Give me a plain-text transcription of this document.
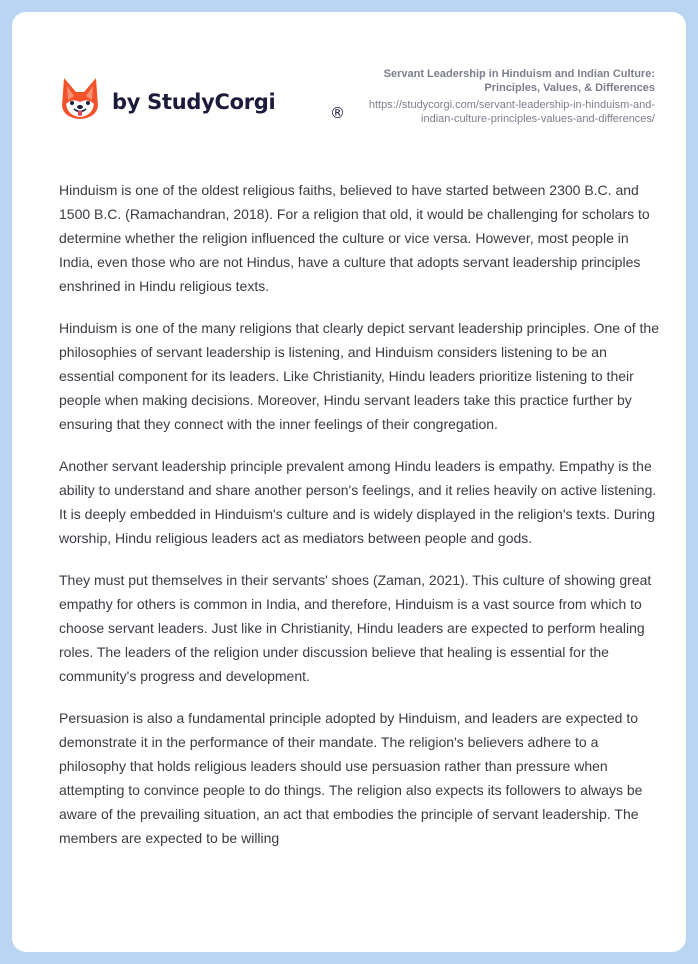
by StudyCorgi	®
Servant Leadership in Hinduism and Indian Culture:
Principles, Values, & Differences
https://studycorgi.com/servant-leadership-in-hinduism-and-
indian-culture-principles-values-and-differences/

Hinduism is one of the oldest religious faiths, believed to have started between 2300 B.C. and 1500 B.C. (Ramachandran, 2018). For a religion that old, it would be challenging for scholars to determine whether the religion influenced the culture or vice versa. However, most people in India, even those who are not Hindus, have a culture that adopts servant leadership principles enshrined in Hindu religious texts.

Hinduism is one of the many religions that clearly depict servant leadership principles. One of the philosophies of servant leadership is listening, and Hinduism considers listening to be an essential component for its leaders. Like Christianity, Hindu leaders prioritize listening to their people when making decisions. Moreover, Hindu servant leaders take this practice further by ensuring that they connect with the inner feelings of their congregation.

Another servant leadership principle prevalent among Hindu leaders is empathy. Empathy is the ability to understand and share another person's feelings, and it relies heavily on active listening. It is deeply embedded in Hinduism's culture and is widely displayed in the religion's texts. During worship, Hindu religious leaders act as mediators between people and gods.

They must put themselves in their servants' shoes (Zaman, 2021). This culture of showing great empathy for others is common in India, and therefore, Hinduism is a vast source from which to choose servant leaders. Just like in Christianity, Hindu leaders are expected to perform healing roles. The leaders of the religion under discussion believe that healing is essential for the community's progress and development.

Persuasion is also a fundamental principle adopted by Hinduism, and leaders are expected to demonstrate it in the performance of their mandate. The religion's believers adhere to a philosophy that holds religious leaders should use persuasion rather than pressure when attempting to convince people to do things. The religion also expects its followers to always be aware of the prevailing situation, an act that embodies the principle of servant leadership. The members are expected to be willing
